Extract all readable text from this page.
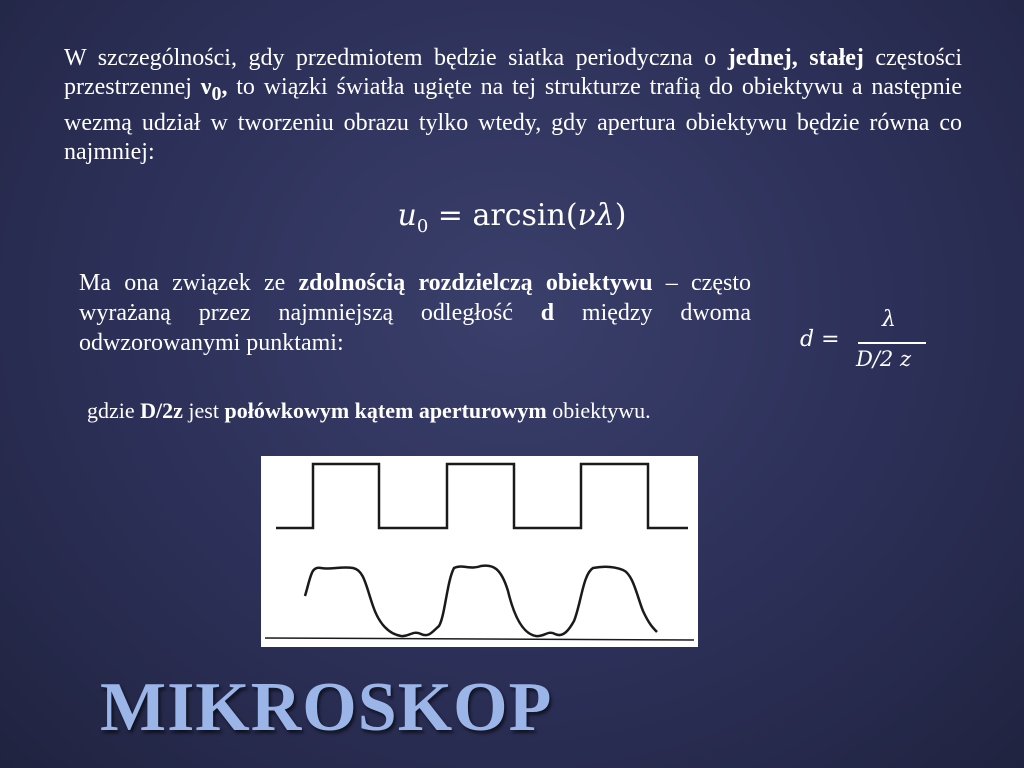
W szczególności, gdy przedmiotem będzie siatka periodyczna o jednej, stałej częstości przestrzennej $\nu_0$, to wiązki światła ugięte na tej strukturze trafią do obiektywu a następnie wezmą udział w tworzeniu obrazu tylko wtedy, gdy apertura obiektywu będzie równa co najmniej:

$u_0 = \arcsin(\nu\lambda)$

Ma ona związek ze zdolnością rozdzielczą obiektywu – często wyrażaną przez najmniejszą odległość d między dwoma odwzorowanymi punktami:	d =
λ
D/2 z

gdzie D/2z jest połówkowym kątem aperturowym obiektywu.

MIKROSKOP
